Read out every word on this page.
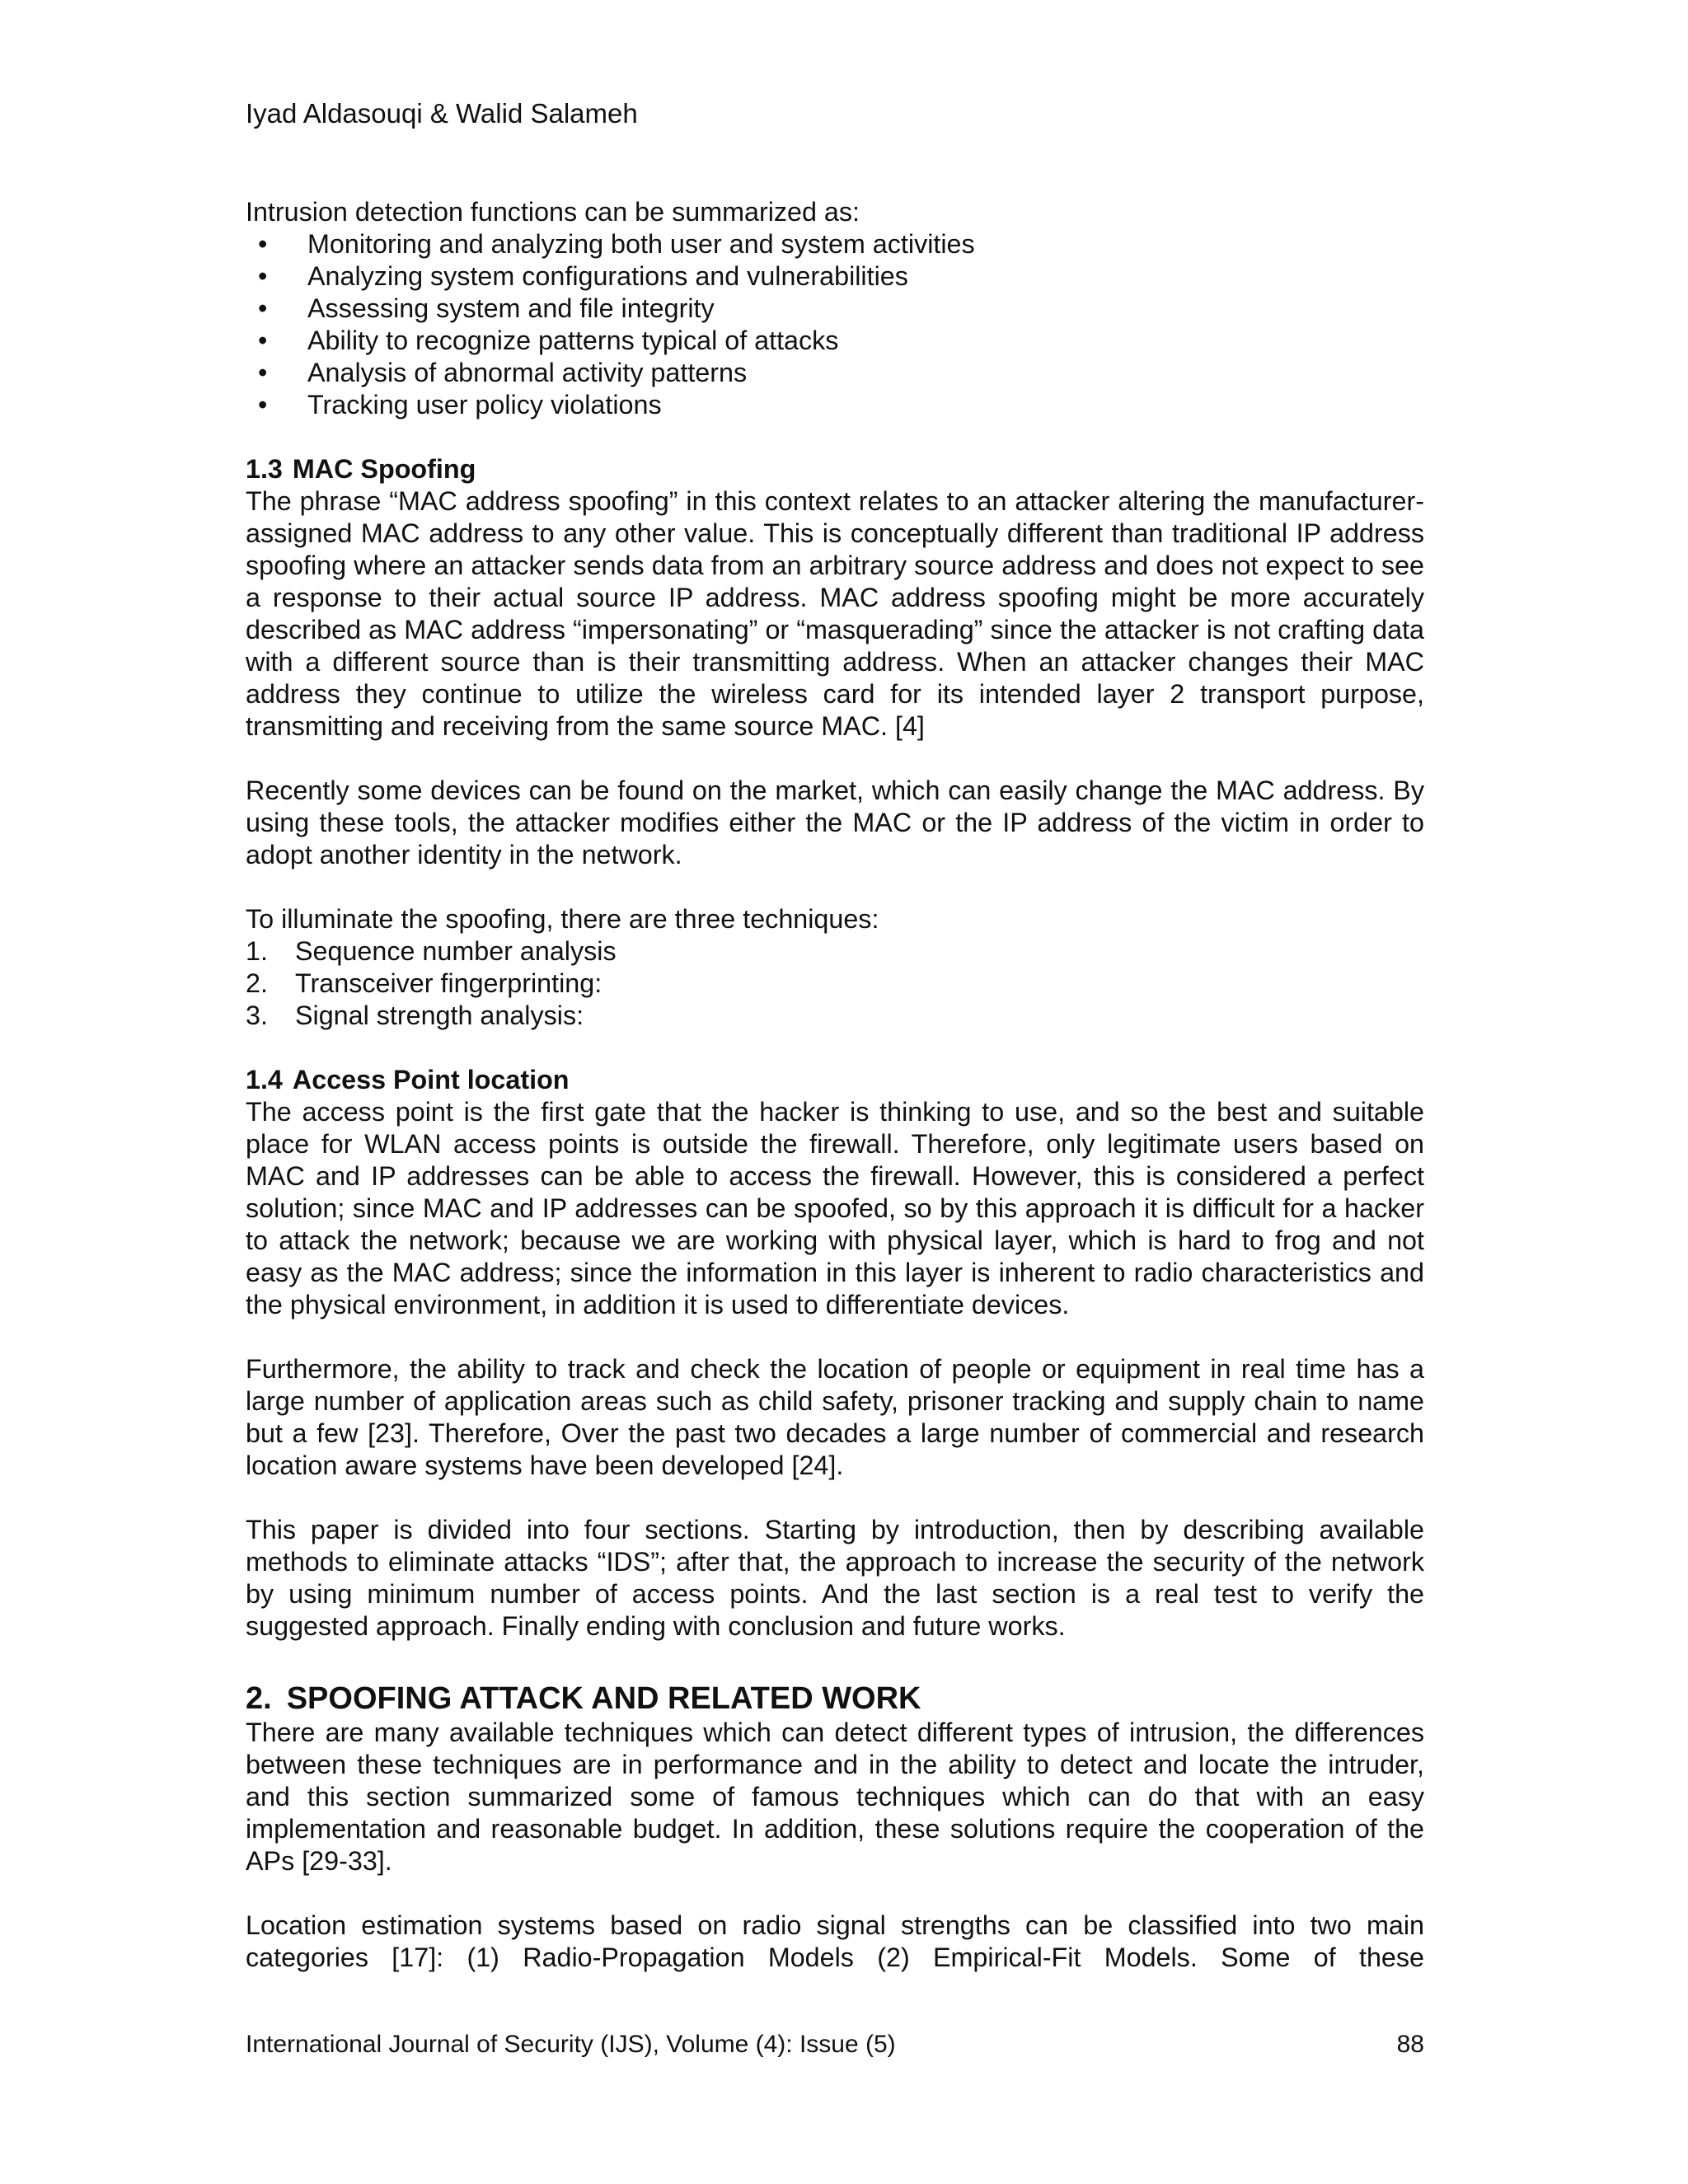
Iyad Aldasouqi & Walid Salameh

Intrusion detection functions can be summarized as:

• Monitoring and analyzing both user and system activities
• Analyzing system configurations and vulnerabilities
• Assessing system and file integrity
• Ability to recognize patterns typical of attacks
• Analysis of abnormal activity patterns
• Tracking user policy violations
1.3 MAC Spoofing

The phrase “MAC address spoofing” in this context relates to an attacker altering the manufacturer-assigned MAC address to any other value. This is conceptually different than traditional IP address spoofing where an attacker sends data from an arbitrary source address and does not expect to see a response to their actual source IP address. MAC address spoofing might be more accurately described as MAC address “impersonating” or “masquerading” since the attacker is not crafting data with a different source than is their transmitting address. When an attacker changes their MAC address they continue to utilize the wireless card for its intended layer 2 transport purpose, transmitting and receiving from the same source MAC. [4]

Recently some devices can be found on the market, which can easily change the MAC address. By using these tools, the attacker modifies either the MAC or the IP address of the victim in order to adopt another identity in the network.

To illuminate the spoofing, there are three techniques:

1. Sequence number analysis
2. Transceiver fingerprinting:
3. Signal strength analysis:
1.4 Access Point location

The access point is the first gate that the hacker is thinking to use, and so the best and suitable place for WLAN access points is outside the firewall. Therefore, only legitimate users based on MAC and IP addresses can be able to access the firewall. However, this is considered a perfect solution; since MAC and IP addresses can be spoofed, so by this approach it is difficult for a hacker to attack the network; because we are working with physical layer, which is hard to frog and not easy as the MAC address; since the information in this layer is inherent to radio characteristics and the physical environment, in addition it is used to differentiate devices.

Furthermore, the ability to track and check the location of people or equipment in real time has a large number of application areas such as child safety, prisoner tracking and supply chain to name but a few [23]. Therefore, Over the past two decades a large number of commercial and research location aware systems have been developed [24].

This paper is divided into four sections. Starting by introduction, then by describing available methods to eliminate attacks “IDS”; after that, the approach to increase the security of the network by using minimum number of access points. And the last section is a real test to verify the suggested approach. Finally ending with conclusion and future works.

2. SPOOFING ATTACK AND RELATED WORK

There are many available techniques which can detect different types of intrusion, the differences between these techniques are in performance and in the ability to detect and locate the intruder, and this section summarized some of famous techniques which can do that with an easy implementation and reasonable budget. In addition, these solutions require the cooperation of the APs [29-33].

Location estimation systems based on radio signal strengths can be classified into two main categories [17]: (1) Radio-Propagation Models (2) Empirical-Fit Models. Some of these

International Journal of Security (IJS), Volume (4): Issue (5)	88
